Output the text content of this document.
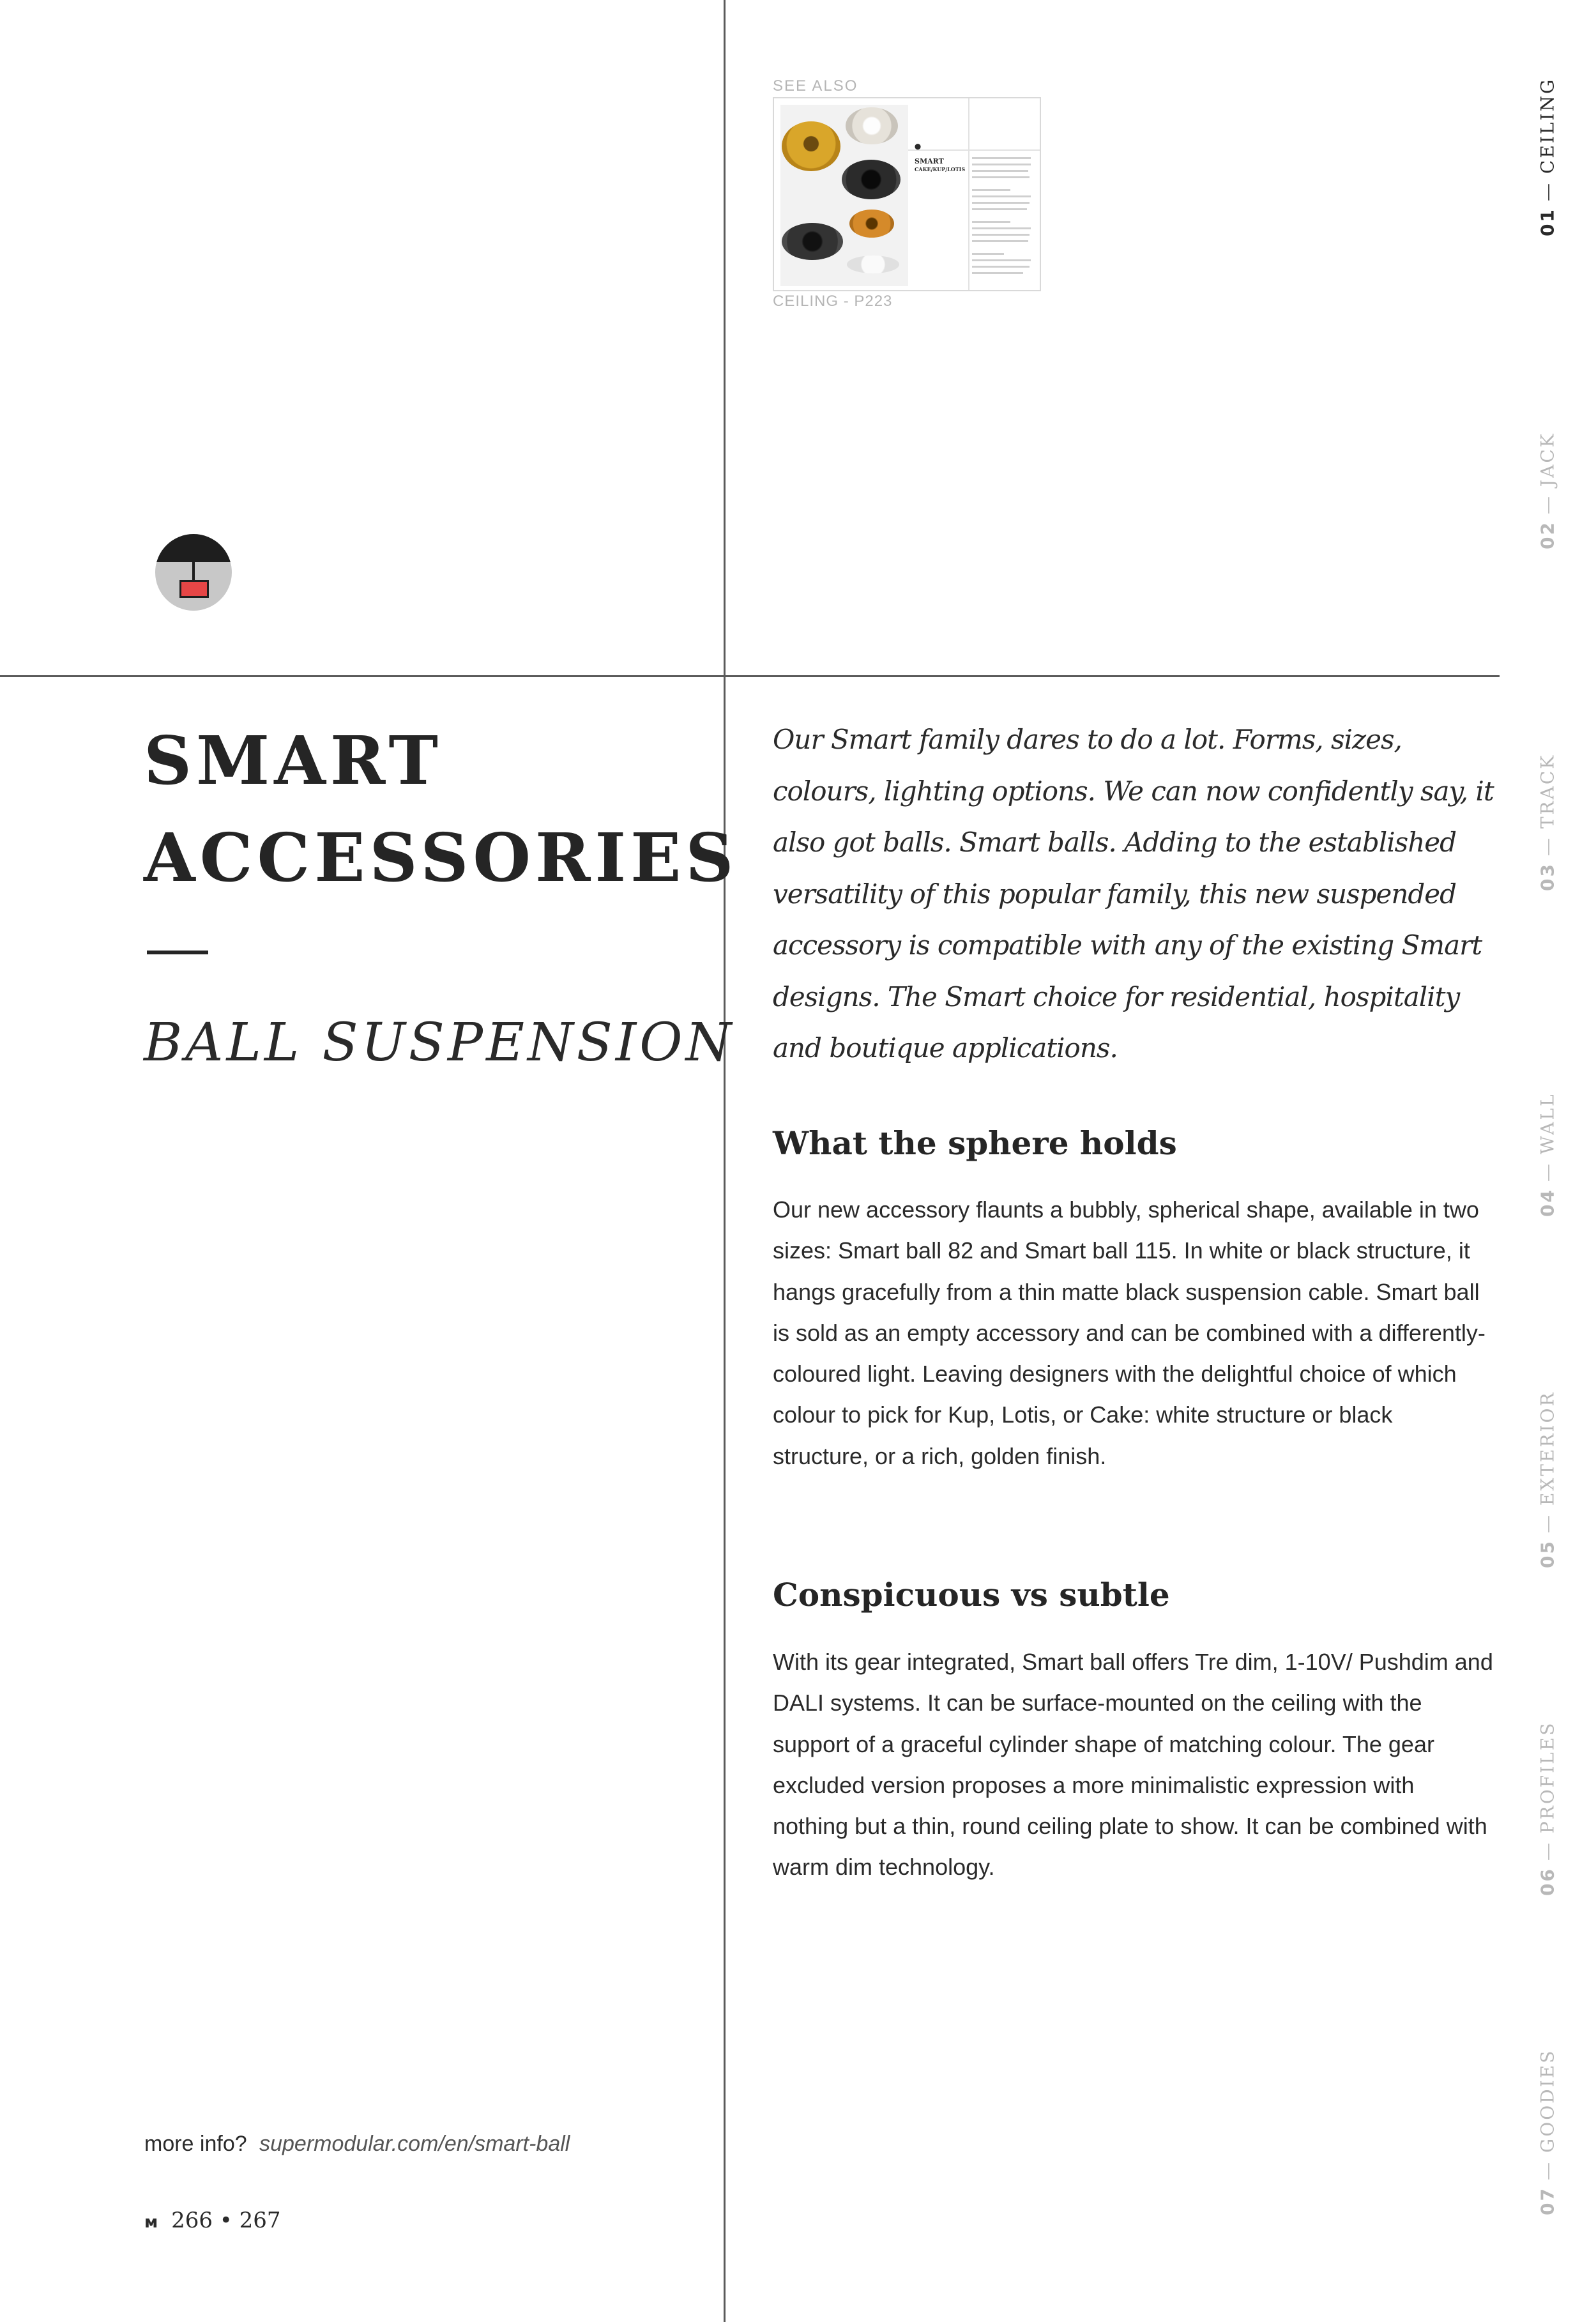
SEE ALSO
⬤
SMART
CAKE/KUP/LOTIS
CEILING - P223
SMART
ACCESSORIES
BALL SUSPENSION
more info? supermodular.com/en/smart-ball
ᴍ 266 • 267

Our Smart family dares to do a lot. Forms, sizes, colours, lighting options. We can now confidently say, it also got balls. Smart balls. Adding to the established versatility of this popular family, this new suspended accessory is compatible with any of the existing Smart designs. The Smart choice for residential, hospitality and boutique applications.

What the sphere holds

Our new accessory flaunts a bubbly, spherical shape, available in two sizes: Smart ball 82 and Smart ball 115. In white or black structure, it hangs gracefully from a thin matte black suspension cable. Smart ball is sold as an empty accessory and can be combined with a differently-coloured light. Leaving designers with the delightful choice of which colour to pick for Kup, Lotis, or Cake: white structure or black structure, or a rich, golden finish.

Conspicuous vs subtle

With its gear integrated, Smart ball offers Tre dim, 1-10V/ Pushdim and DALI systems. It can be surface-mounted on the ceiling with the support of a graceful cylinder shape of matching colour. The gear excluded version proposes a more minimalistic expression with nothing but a thin, round ceiling plate to show. It can be combined with warm dim technology.

01
— CEILING
02
— JACK
03
— TRACK
04
— WALL
05
— EXTERIOR
06
— PROFILES
07
— GOODIES
